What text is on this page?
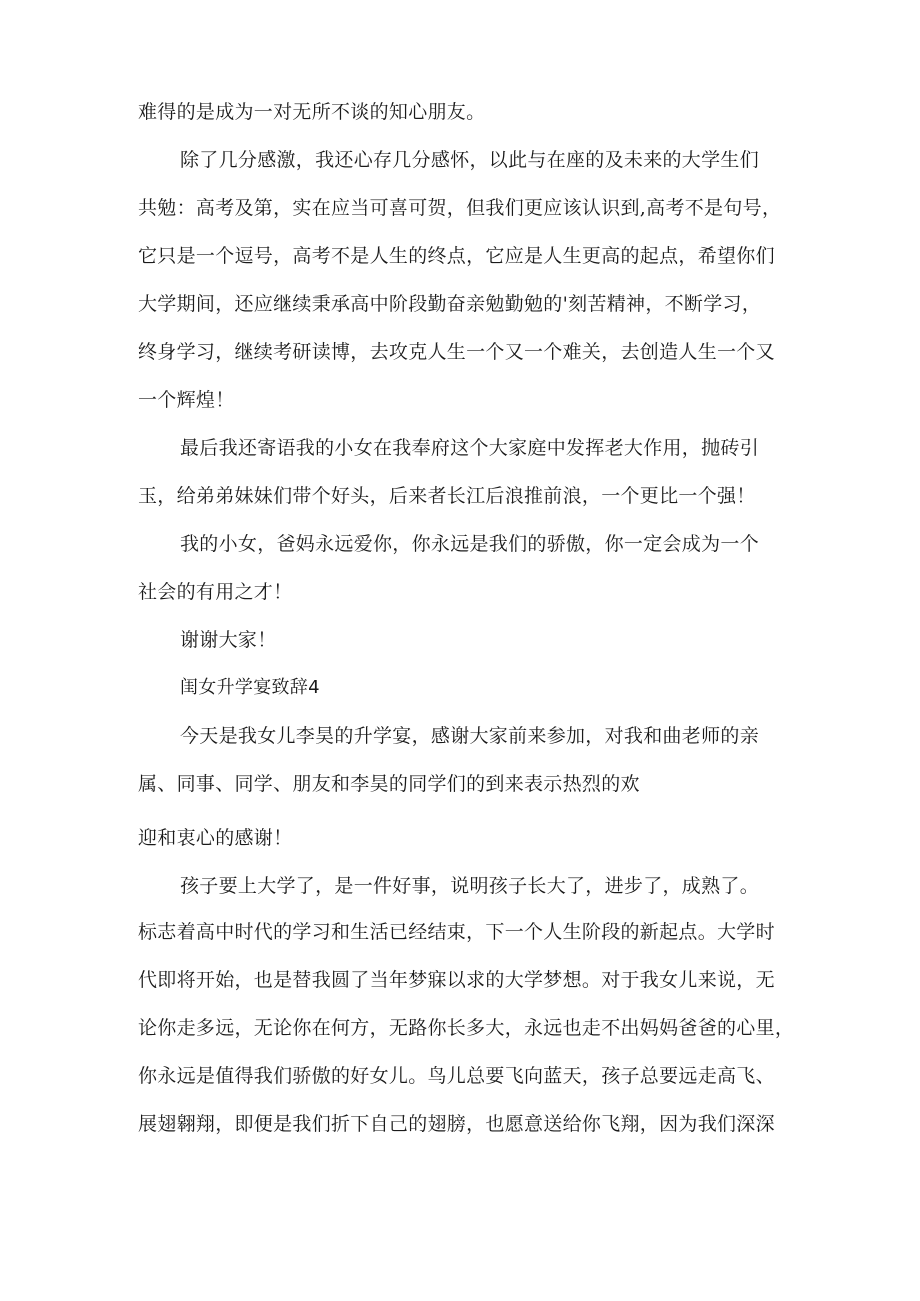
难得的是成为一对无所不谈的知心朋友。
除了几分感激，我还心存几分感怀，以此与在座的及未来的大学生们
共勉：高考及第，实在应当可喜可贺，但我们更应该认识到,高考不是句号，
它只是一个逗号，高考不是人生的终点，它应是人生更高的起点，希望你们
大学期间，还应继续秉承高中阶段勤奋亲勉勤勉的'刻苦精神，不断学习，
终身学习，继续考研读博，去攻克人生一个又一个难关，去创造人生一个又
一个辉煌！
最后我还寄语我的小女在我奉府这个大家庭中发挥老大作用，抛砖引
玉，给弟弟妹妹们带个好头，后来者长江后浪推前浪，一个更比一个强！
我的小女，爸妈永远爱你，你永远是我们的骄傲，你一定会成为一个
社会的有用之才！
谢谢大家！
闺女升学宴致辞4
今天是我女儿李昊的升学宴，感谢大家前来参加，对我和曲老师的亲
属、同事、同学、朋友和李昊的同学们的到来表示热烈的欢
迎和衷心的感谢！
孩子要上大学了，是一件好事，说明孩子长大了，进步了，成熟了。
标志着高中时代的学习和生活已经结束，下一个人生阶段的新起点。大学时
代即将开始，也是替我圆了当年梦寐以求的大学梦想。对于我女儿来说，无
论你走多远，无论你在何方，无路你长多大，永远也走不出妈妈爸爸的心里，
你永远是值得我们骄傲的好女儿。鸟儿总要飞向蓝天，孩子总要远走高飞、
展翅翱翔，即便是我们折下自己的翅膀，也愿意送给你飞翔，因为我们深深
